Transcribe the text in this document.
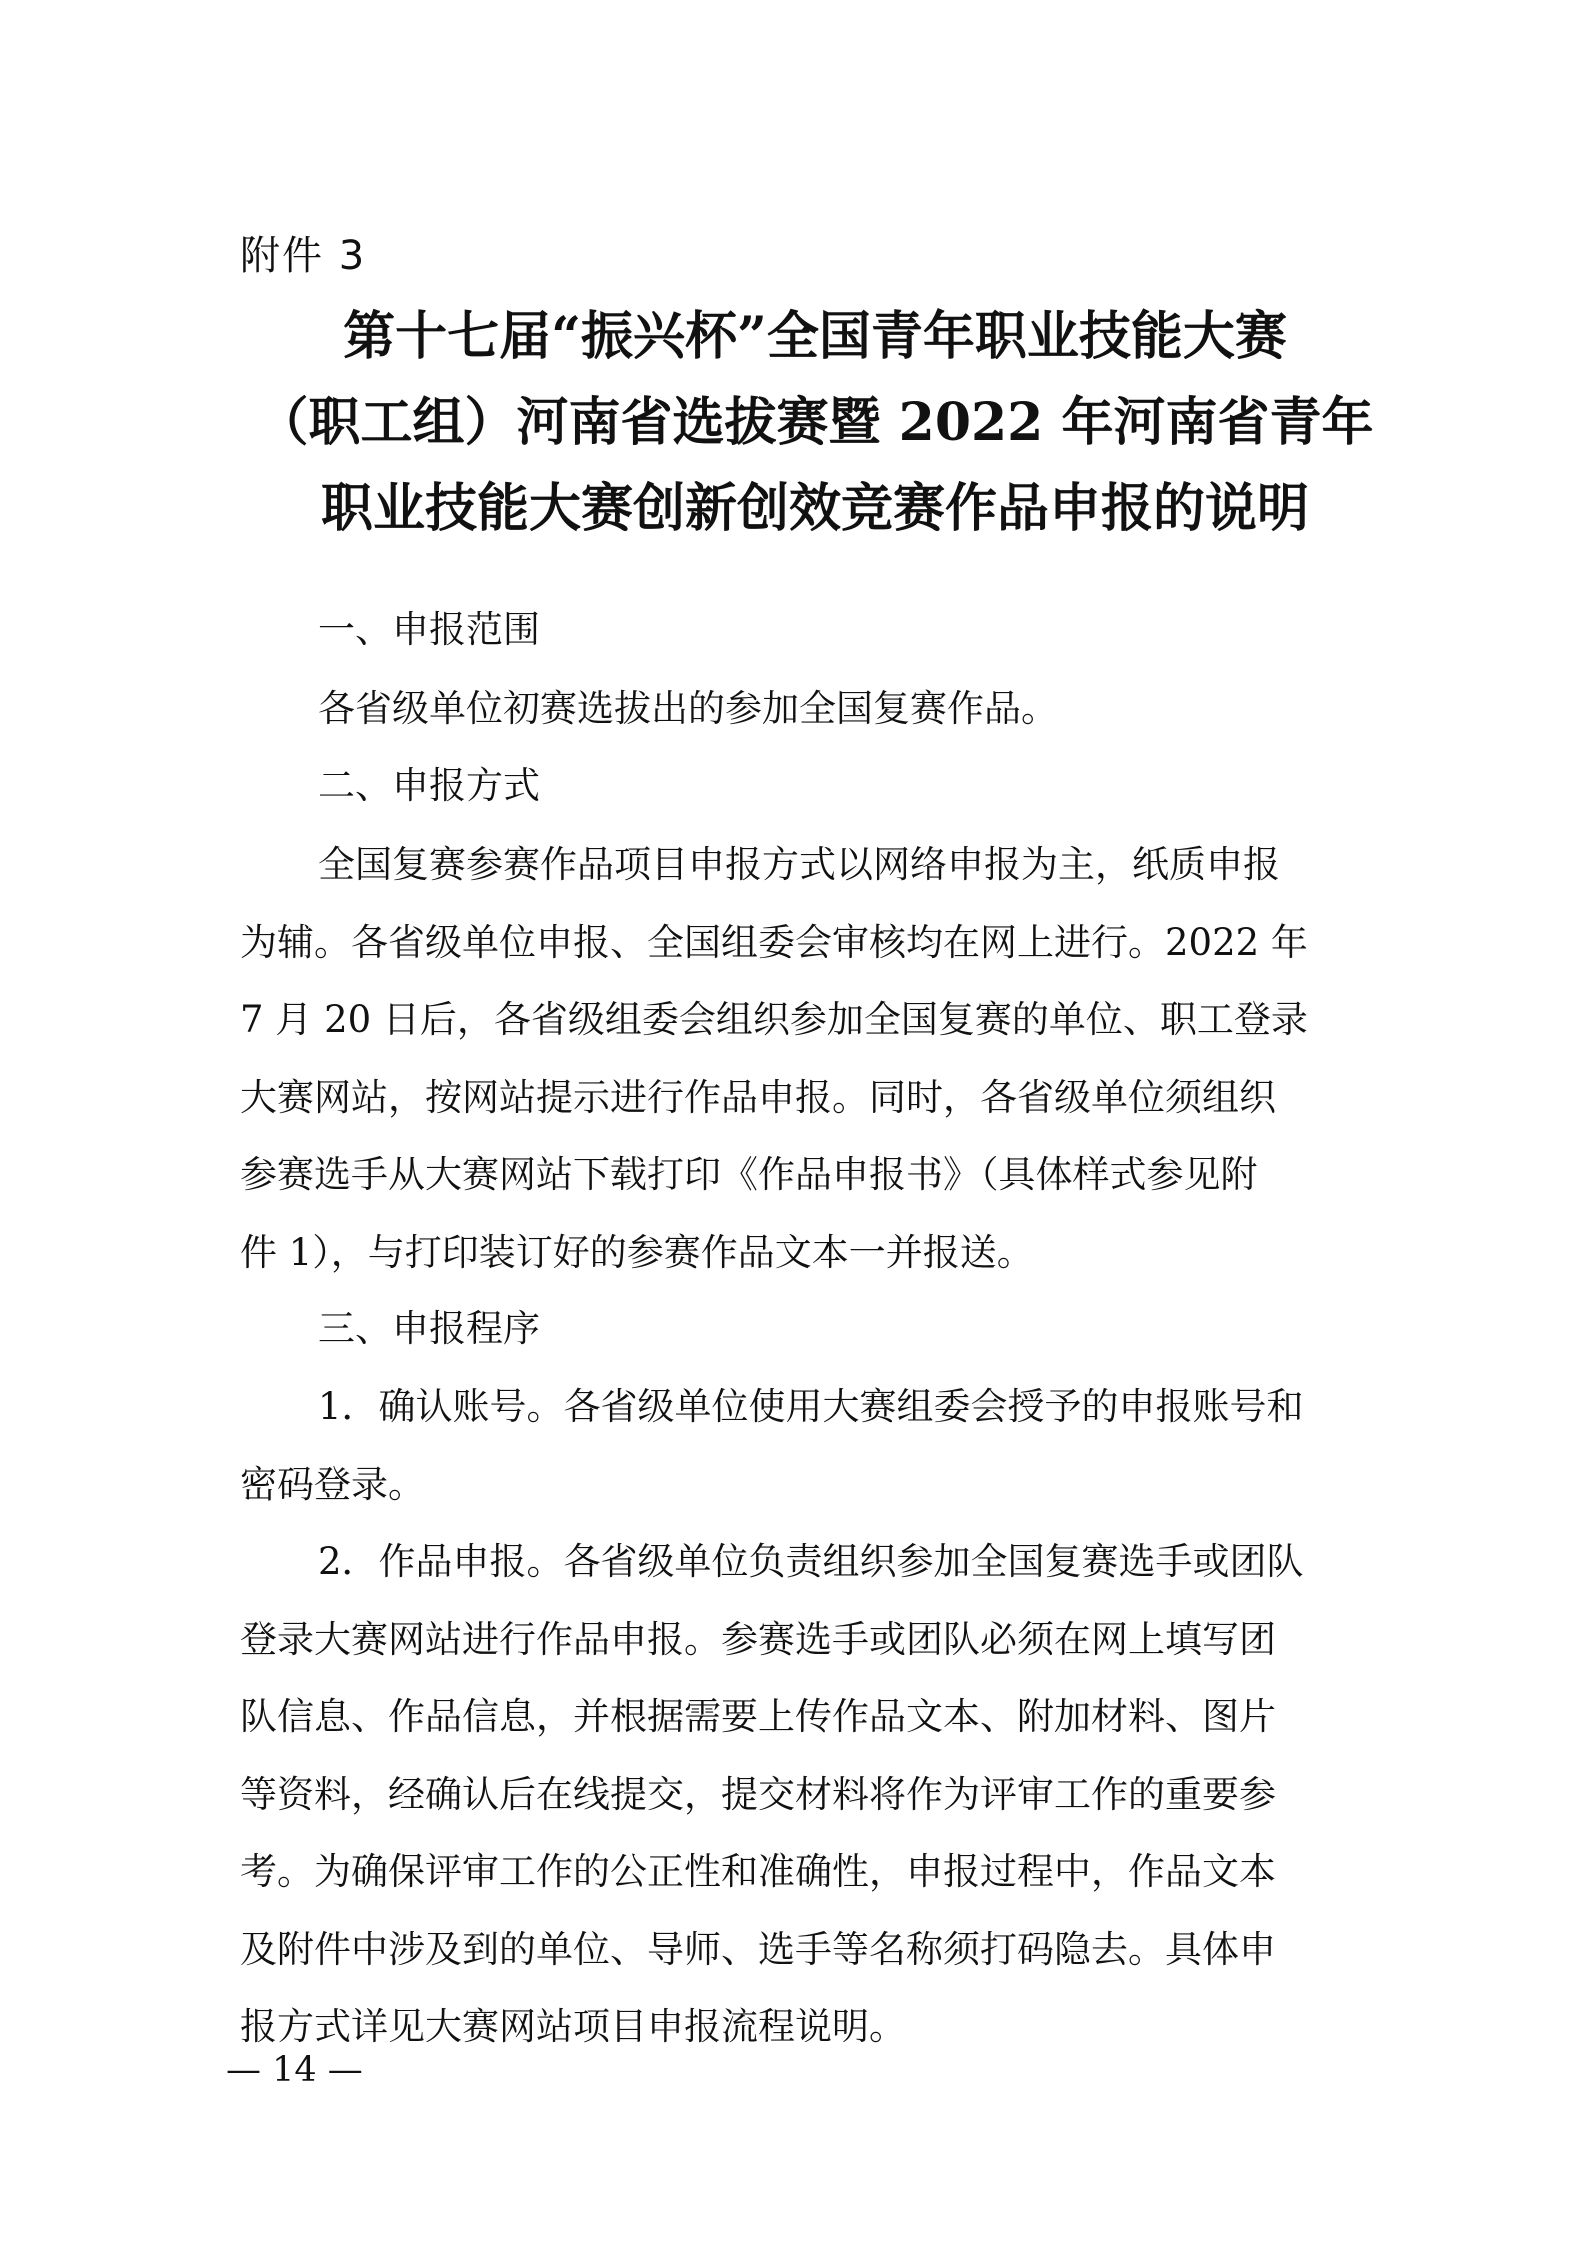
附件 3
第十七届“振兴杯”全国青年职业技能大赛
（职工组）河南省选拔赛暨 2022 年河南省青年
职业技能大赛创新创效竞赛作品申报的说明
一、申报范围
各省级单位初赛选拔出的参加全国复赛作品。
二、申报方式
全国复赛参赛作品项目申报方式以网络申报为主，纸质申报
为辅。各省级单位申报、全国组委会审核均在网上进行。2022 年
7 月 20 日后，各省级组委会组织参加全国复赛的单位、职工登录
大赛网站，按网站提示进行作品申报。同时，各省级单位须组织
参赛选手从大赛网站下载打印《作品申报书》（具体样式参见附
件 1），与打印装订好的参赛作品文本一并报送。
三、申报程序
1．确认账号。各省级单位使用大赛组委会授予的申报账号和
密码登录。
2．作品申报。各省级单位负责组织参加全国复赛选手或团队
登录大赛网站进行作品申报。参赛选手或团队必须在网上填写团
队信息、作品信息，并根据需要上传作品文本、附加材料、图片
等资料，经确认后在线提交，提交材料将作为评审工作的重要参
考。为确保评审工作的公正性和准确性，申报过程中，作品文本
及附件中涉及到的单位、导师、选手等名称须打码隐去。具体申
报方式详见大赛网站项目申报流程说明。
— 14 —
